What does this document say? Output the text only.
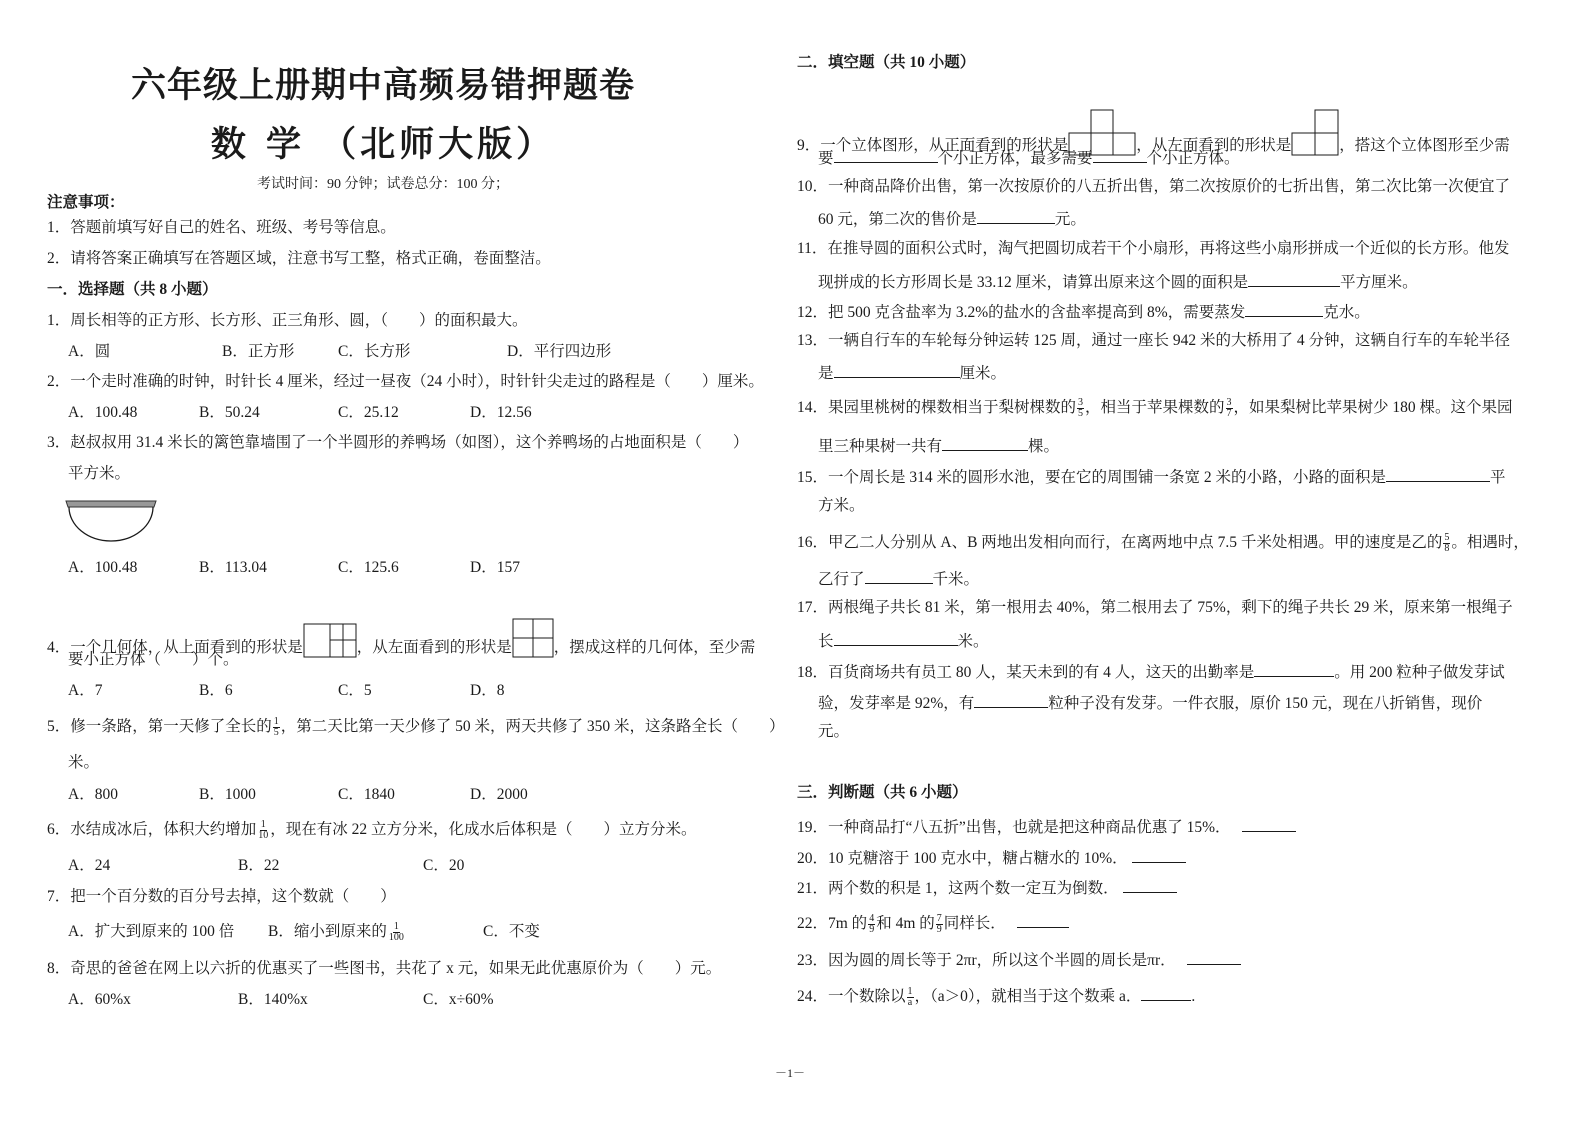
六年级上册期中高频易错押题卷
数 学 （北师大版）
考试时间：90 分钟；试卷总分：100 分；
注意事项：
1．答题前填写好自己的姓名、班级、考号等信息。
2．请将答案正确填写在答题区域，注意书写工整，格式正确，卷面整洁。
一．选择题（共 8 小题）
1．周长相等的正方形、长方形、正三角形、圆，（　　）的面积最大。
A．圆	B．正方形	C．长方形	D．平行四边形
2．一个走时准确的时钟，时针长 4 厘米，经过一昼夜（24 小时），时针针尖走过的路程是（　　）厘米。
A．100.48	B．50.24	C．25.12	D．12.56
3．赵叔叔用 31.4 米长的篱笆靠墙围了一个半圆形的养鸭场（如图），这个养鸭场的占地面积是（　　）
平方米。
A．100.48	B．113.04	C．125.6	D．157
4．一个几何体，从上面看到的形状是	，从左面看到的形状是	，摆成这样的几何体，至少需
要小正方体（　　）个。
A．7	B．6	C．5	D．8
5．修一条路，第一天修了全长的 $\frac{1}{5}$ ，第二天比第一天少修了 50 米，两天共修了 350 米，这条路全长（　　）
米。
A．800	B．1000	C．1840	D．2000
6．水结成冰后，体积大约增加 $\frac{1}{10}$ ，现在有冰 22 立方分米，化成水后体积是（　　）立方分米。
A．24	B．22	C．20
7．把一个百分数的百分号去掉，这个数就（　　）
A．扩大到原来的 100 倍 B．缩小到原来的 $\frac{1}{100}$	C．不变
8．奇思的爸爸在网上以六折的优惠买了一些图书，共花了 x 元，如果无此优惠原价为（　　）元。
A．60%x	B．140%x	C．x÷60%
二．填空题（共 10 小题）
9．一个立体图形，从正面看到的形状是	，从左面看到的形状是	，搭这个立体图形至少需
要	个小正方体，最多需要	个小正方体。
10．一种商品降价出售，第一次按原价的八五折出售，第二次按原价的七折出售，第二次比第一次便宜了
60 元，第二次的售价是	元。
11．在推导圆的面积公式时，淘气把圆切成若干个小扇形，再将这些小扇形拼成一个近似的长方形。他发
现拼成的长方形周长是 33.12 厘米，请算出原来这个圆的面积是	平方厘米。
12．把 500 克含盐率为 3.2%的盐水的含盐率提高到 8%，需要蒸发	克水。
13．一辆自行车的车轮每分钟运转 125 周，通过一座长 942 米的大桥用了 4 分钟，这辆自行车的车轮半径
是	厘米。
14．果园里桃树的棵数相当于梨树棵数的 $\frac{3}{5}$ ，相当于苹果棵数的 $\frac{3}{7}$ ，如果梨树比苹果树少 180 棵。这个果园
里三种果树一共有	棵。
15．一个周长是 314 米的圆形水池，要在它的周围铺一条宽 2 米的小路，小路的面积是	平
方米。
16．甲乙二人分别从 A、B 两地出发相向而行，在离两地中点 7.5 千米处相遇。甲的速度是乙的 $\frac{5}{8}$ 。相遇时，
乙行了	千米。
17．两根绳子共长 81 米，第一根用去 40%，第二根用去了 75%，剩下的绳子共长 29 米，原来第一根绳子
长	米。
18．百货商场共有员工 80 人，某天未到的有 4 人，这天的出勤率是	。用 200 粒种子做发芽试
验，发芽率是 92%，有	粒种子没有发芽。一件衣服，原价 150 元，现在八折销售，现价
元。
三．判断题（共 6 小题）
19．一种商品打“八五折”出售，也就是把这种商品优惠了 15%．
20．10 克糖溶于 100 克水中，糖占糖水的 10%．
21．两个数的积是 1，这两个数一定互为倒数．
22．7m 的 $\frac{4}{9}$ 和 4m 的 $\frac{7}{9}$ 同样长．
23．因为圆的周长等于 2πr，所以这个半圆的周长是πr．
24．一个数除以 $\frac{1}{a}$ ，（a＞0），就相当于这个数乘 a．	.
－1－
